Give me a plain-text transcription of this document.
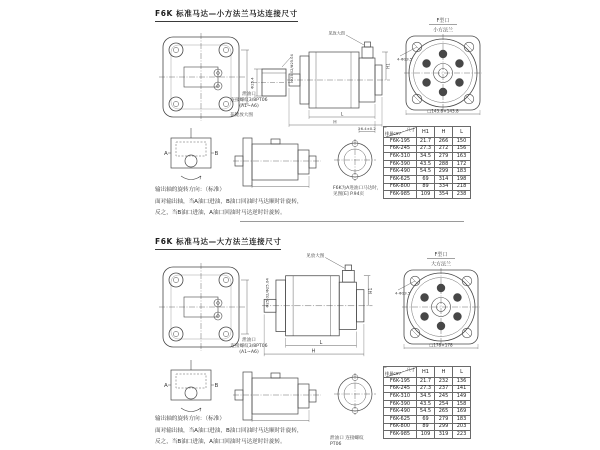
F6K 标准马达—小方法兰马达连接尺寸
Φ25.4
泄油口
连接螺纹3/8PT06
(A1~A6)
花键放大图
见放大图
H1
L
H
26.4±0.2
Φ25.02/Φ25.04
F型口
小方法兰
4-Φ13.5
□143.8×143.8
A	B
F6K为A进油口马达时，
见图[E] P.94页
输出轴的旋转方向：（标准）
面对输出轴，当A油口进油，B油口回油时马达顺时针旋转，
反之，当B油口进油，A油口回油时马达逆时针旋转。
尺寸
排量cm³	H1	H	L
F6K-195	21.7	266	150
F6K-245	27.3	272	156
F6K-310	34.5	279	163
F6K-390	43.5	288	172
F6K-490	54.5	299	183
F6K-625	69	314	198
F6K-800	89	334	218
F6K-985	109	354	238
F6K 标准马达—大方法兰连接尺寸
泄油口
连接螺纹3/8PT06
(A1~A6)
见放大图
H1
L
H
Φ25.02/Φ25.04
F型口
大方法兰
4-Φ13.5
□178×178
A	B
泄油口 连接螺纹
PT06
输出轴的旋转方向：（标准）
面对输出轴，当A油口进油，B油口回油时马达顺时针旋转，
反之，当B油口进油，A油口回油时马达逆时针旋转。
尺寸
排量cm³	H1	H	L
F6K-195	21.7	232	136
F6K-245	27.3	237	141
F6K-310	34.5	245	149
F6K-390	43.5	254	158
F6K-490	54.5	265	169
F6K-625	69	279	183
F6K-800	89	299	203
F6K-985	109	319	223
